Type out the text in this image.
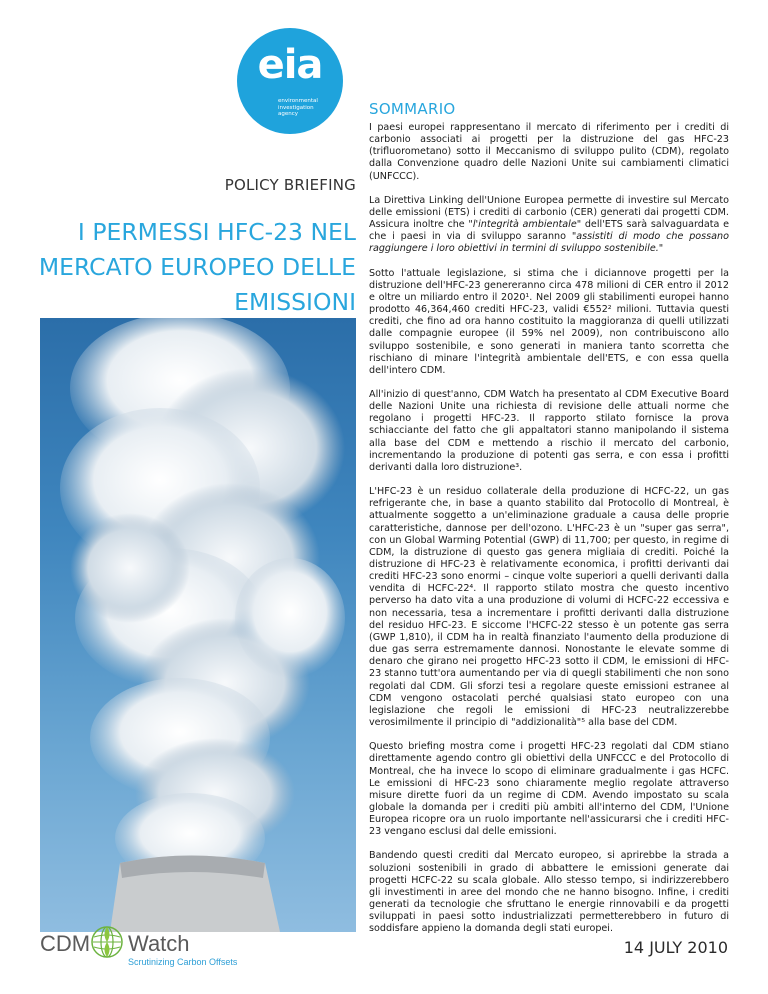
eia
environmental
investigation
agency
POLICY BRIEFING
I PERMESSI HFC-23 NEL
MERCATO EUROPEO DELLE
EMISSIONI
SOMMARIO

I paesi europei rappresentano il mercato di riferimento per i crediti di carbonio associati ai progetti per la distruzione del gas HFC-23 (trifluorometano) sotto il Meccanismo di sviluppo pulito (CDM), regolato dalla Convenzione quadro delle Nazioni Unite sui cambiamenti climatici (UNFCCC).

La Direttiva Linking dell'Unione Europea permette di investire sul Mercato delle emissioni (ETS) i crediti di carbonio (CER) generati dai progetti CDM. Assicura inoltre che "l'integrità ambientale" dell'ETS sarà salvaguardata e che i paesi in via di sviluppo saranno "assistiti di modo che possano raggiungere i loro obiettivi in termini di sviluppo sostenibile."

Sotto l'attuale legislazione, si stima che i diciannove progetti per la distruzione dell'HFC-23 genereranno circa 478 milioni di CER entro il 2012 e oltre un miliardo entro il 2020¹. Nel 2009 gli stabilimenti europei hanno prodotto 46,364,460 crediti HFC-23, validi €552² milioni. Tuttavia questi crediti, che fino ad ora hanno costituito la maggioranza di quelli utilizzati dalle compagnie europee (il 59% nel 2009), non contribuiscono allo sviluppo sostenibile, e sono generati in maniera tanto scorretta che rischiano di minare l'integrità ambientale dell'ETS, e con essa quella dell'intero CDM.

All'inizio di quest'anno, CDM Watch ha presentato al CDM Executive Board delle Nazioni Unite una richiesta di revisione delle attuali norme che regolano i progetti HFC-23. Il rapporto stilato fornisce la prova schiacciante del fatto che gli appaltatori stanno manipolando il sistema alla base del CDM e mettendo a rischio il mercato del carbonio, incrementando la produzione di potenti gas serra, e con essa i profitti derivanti dalla loro distruzione³.

L'HFC-23 è un residuo collaterale della produzione di HCFC-22, un gas refrigerante che, in base a quanto stabilito dal Protocollo di Montreal, è attualmente soggetto a un'eliminazione graduale a causa delle proprie caratteristiche, dannose per dell'ozono. L'HFC-23 è un "super gas serra", con un Global Warming Potential (GWP) di 11,700; per questo, in regime di CDM, la distruzione di questo gas genera migliaia di crediti. Poiché la distruzione di HFC-23 è relativamente economica, i profitti derivanti dai crediti HFC-23 sono enormi – cinque volte superiori a quelli derivanti dalla vendita di HCFC-22⁴. Il rapporto stilato mostra che questo incentivo perverso ha dato vita a una produzione di volumi di HCFC-22 eccessiva e non necessaria, tesa a incrementare i profitti derivanti dalla distruzione del residuo HFC-23. E siccome l'HCFC-22 stesso è un potente gas serra (GWP 1,810), il CDM ha in realtà finanziato l'aumento della produzione di due gas serra estremamente dannosi. Nonostante le elevate somme di denaro che girano nei progetto HFC-23 sotto il CDM, le emissioni di HFC-23 stanno tutt'ora aumentando per via di quegli stabilimenti che non sono regolati dal CDM. Gli sforzi tesi a regolare queste emissioni estranee al CDM vengono ostacolati perché qualsiasi stato europeo con una legislazione che regoli le emissioni di HFC-23 neutralizzerebbe verosimilmente il principio di "addizionalità"⁵ alla base del CDM.

Questo briefing mostra come i progetti HFC-23 regolati dal CDM stiano direttamente agendo contro gli obiettivi della UNFCCC e del Protocollo di Montreal, che ha invece lo scopo di eliminare gradualmente i gas HCFC. Le emissioni di HFC-23 sono chiaramente meglio regolate attraverso misure dirette fuori da un regime di CDM. Avendo impostato su scala globale la domanda per i crediti più ambiti all'interno del CDM, l'Unione Europea ricopre ora un ruolo importante nell'assicurarsi che i crediti HFC-23 vengano esclusi dal delle emissioni.

Bandendo questi crediti dal Mercato europeo, si aprirebbe la strada a soluzioni sostenibili in grado di abbattere le emissioni generate dai progetti HCFC-22 su scala globale. Allo stesso tempo, si indirizzerebbero gli investimenti in aree del mondo che ne hanno bisogno. Infine, i crediti generati da tecnologie che sfruttano le energie rinnovabili e da progetti sviluppati in paesi sotto industrializzati permetterebbero in futuro di soddisfare appieno la domanda degli stati europei.

CDM Watch
Scrutinizing Carbon Offsets
14 JULY 2010
